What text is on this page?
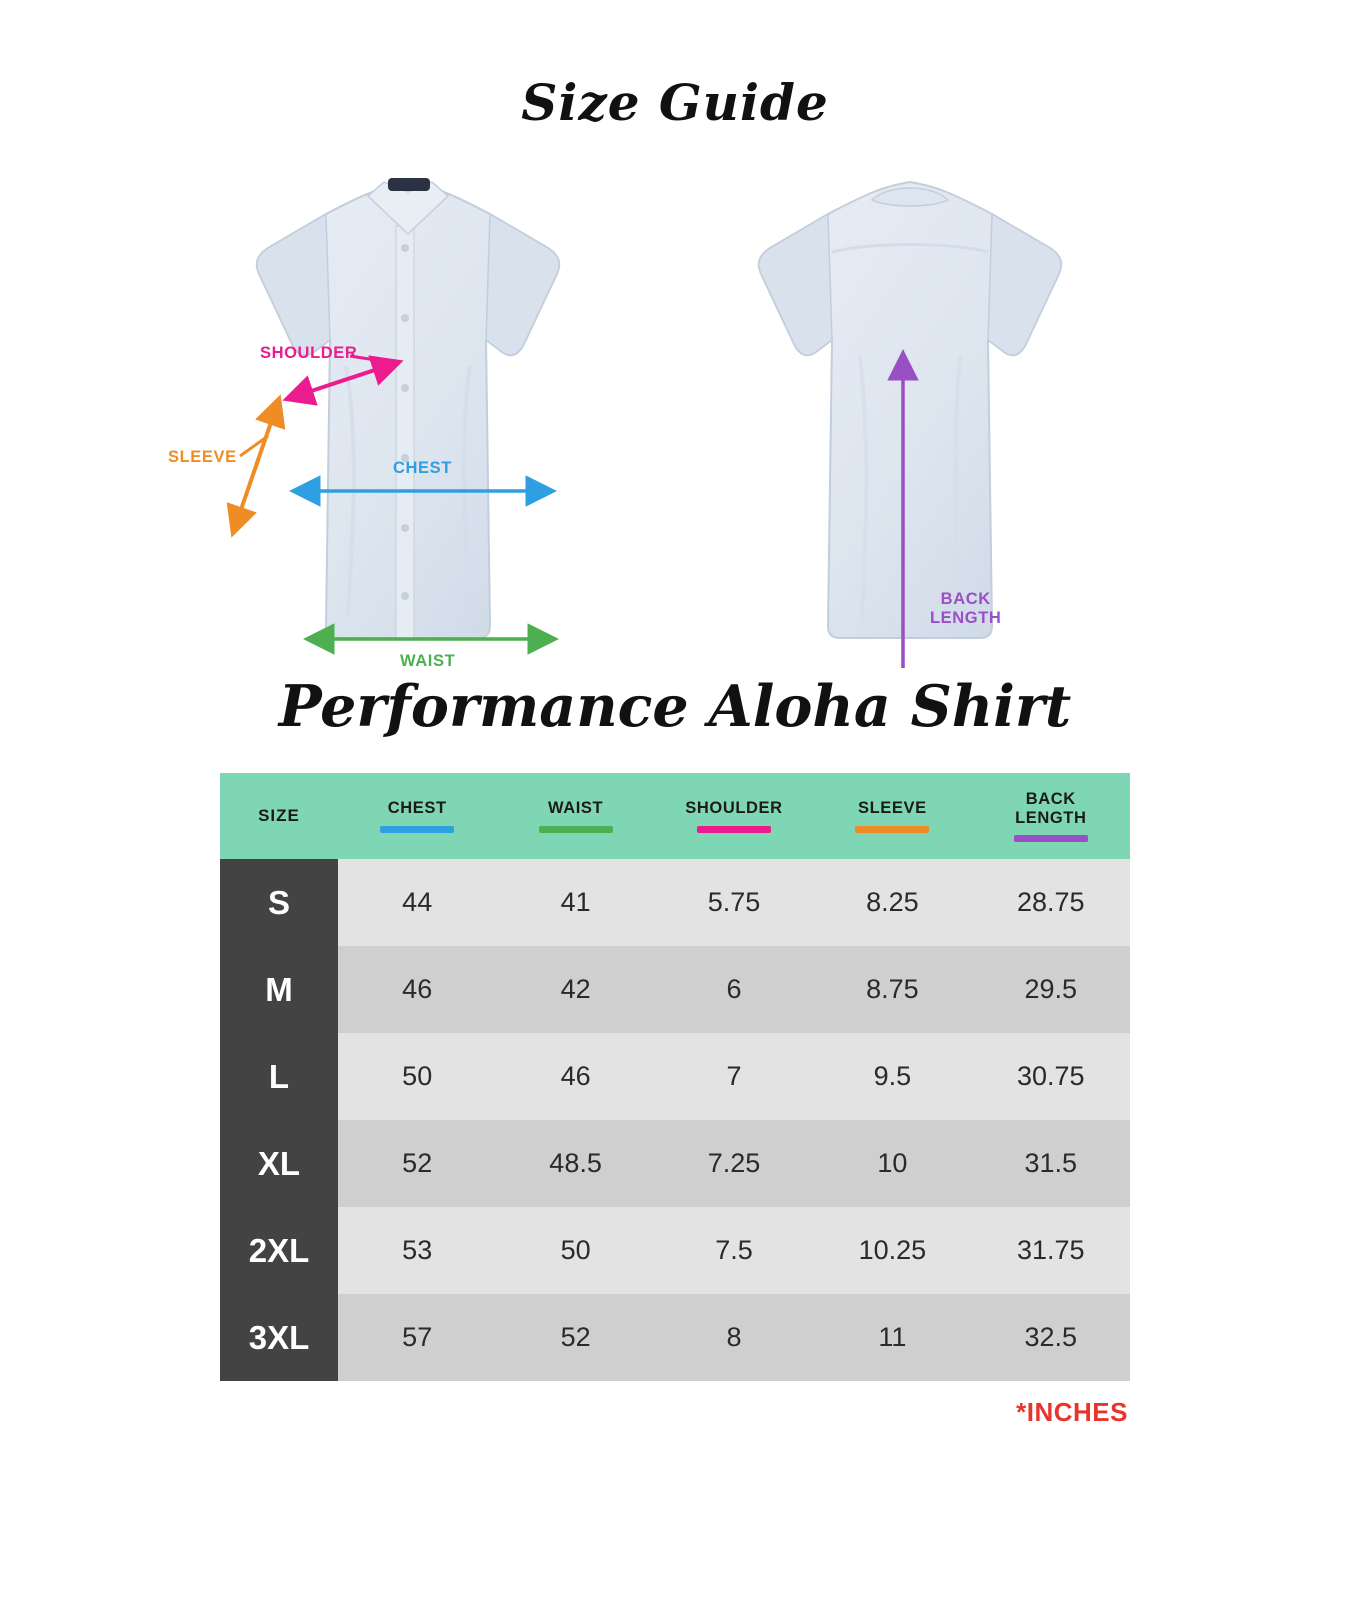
Size Guide
SHOULDER
SLEEVE
CHEST
WAIST
BACK
LENGTH
Performance Aloha Shirt
SIZE	CHEST	WAIST	SHOULDER	SLEEVE	BACK
LENGTH

S	44	41	5.75	8.25	28.75
M	46	42	6	8.75	29.5
L	50	46	7	9.5	30.75
XL	52	48.5	7.25	10	31.5
2XL	53	50	7.5	10.25	31.75
3XL	57	52	8	11	32.5
*INCHES
